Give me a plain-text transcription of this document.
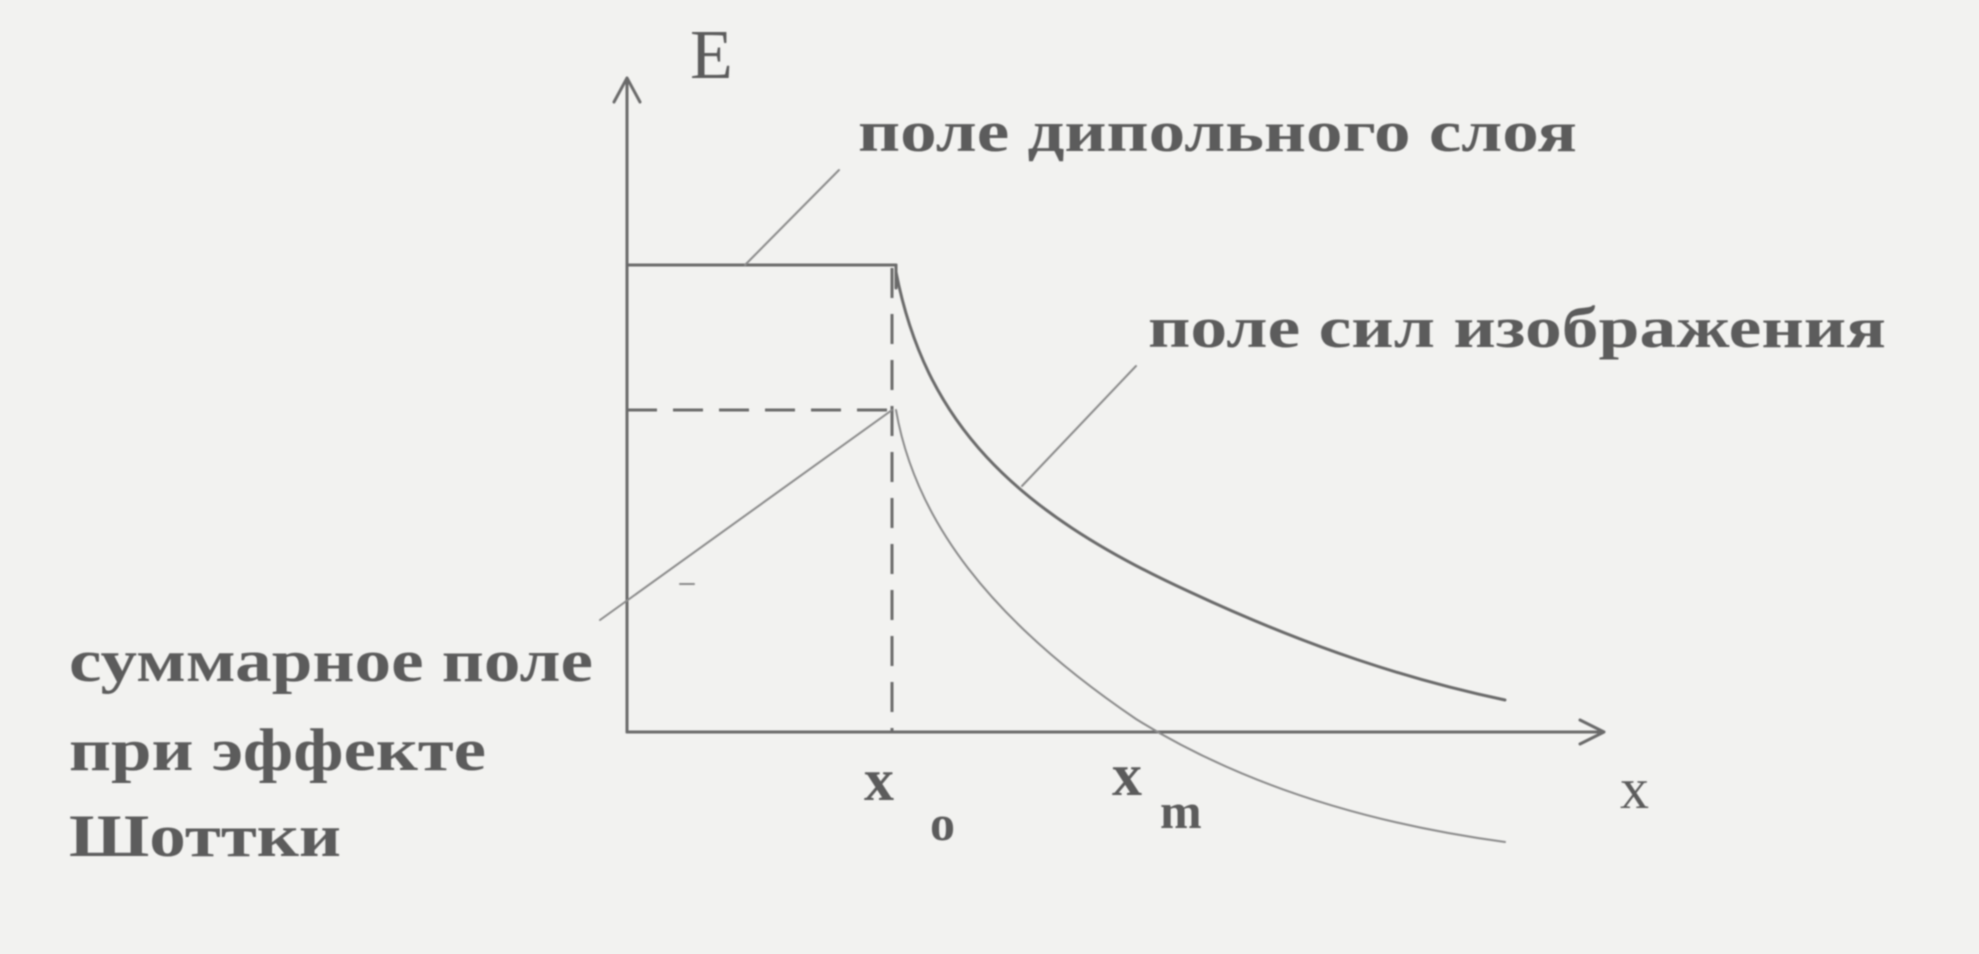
E
x
x
o
x
m
поле дипольного слоя
поле сил изображения
суммарное поле
при эффекте
Шоттки
